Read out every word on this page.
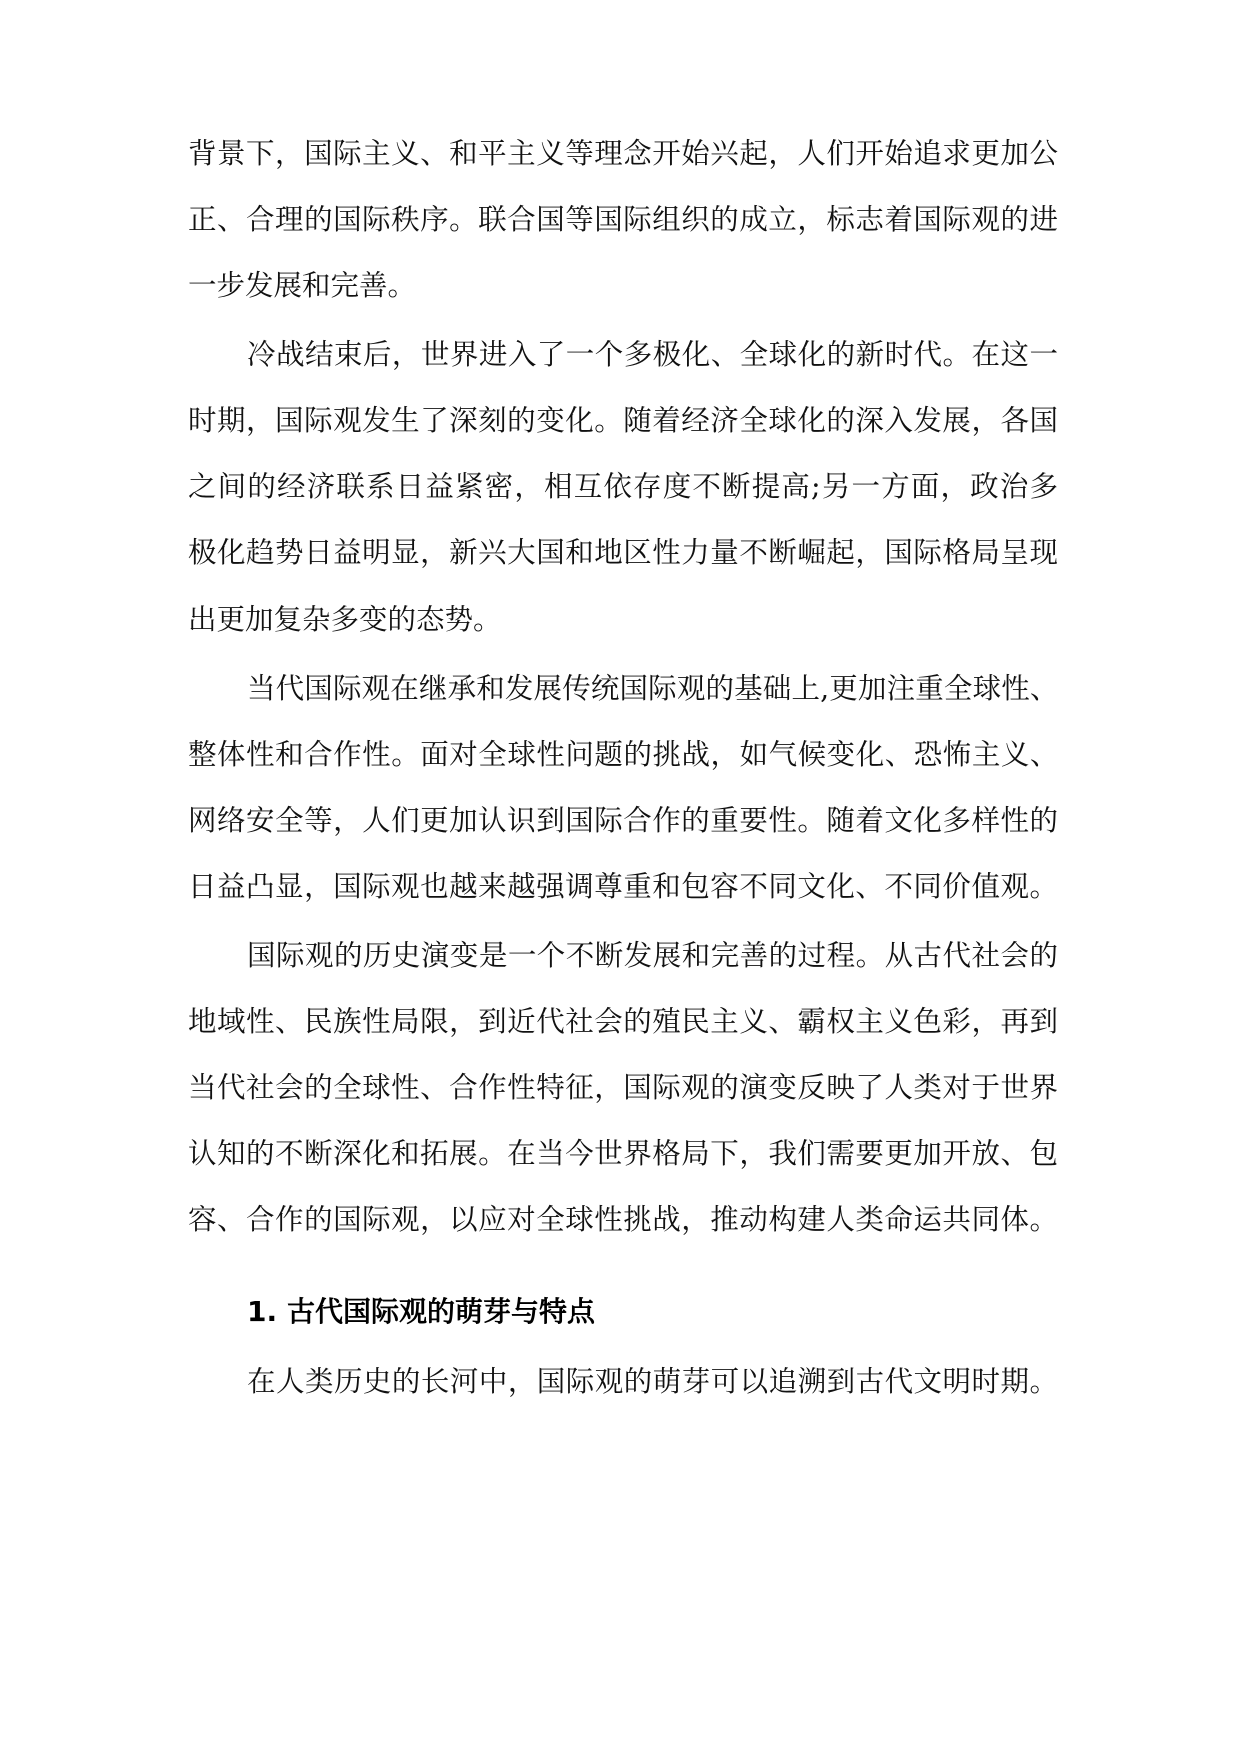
背景下，国际主义、和平主义等理念开始兴起，人们开始追求更加公
正、合理的国际秩序。联合国等国际组织的成立，标志着国际观的进
一步发展和完善。
冷战结束后，世界进入了一个多极化、全球化的新时代。在这一
时期，国际观发生了深刻的变化。随着经济全球化的深入发展，各国
之间的经济联系日益紧密，相互依存度不断提高;另一方面，政治多
极化趋势日益明显，新兴大国和地区性力量不断崛起，国际格局呈现
出更加复杂多变的态势。
当代国际观在继承和发展传统国际观的基础上,更加注重全球性、
整体性和合作性。面对全球性问题的挑战，如气候变化、恐怖主义、
网络安全等，人们更加认识到国际合作的重要性。随着文化多样性的
日益凸显，国际观也越来越强调尊重和包容不同文化、不同价值观。
国际观的历史演变是一个不断发展和完善的过程。从古代社会的
地域性、民族性局限，到近代社会的殖民主义、霸权主义色彩，再到
当代社会的全球性、合作性特征，国际观的演变反映了人类对于世界
认知的不断深化和拓展。在当今世界格局下，我们需要更加开放、包
容、合作的国际观，以应对全球性挑战，推动构建人类命运共同体。
1. 古代国际观的萌芽与特点
在人类历史的长河中，国际观的萌芽可以追溯到古代文明时期。
